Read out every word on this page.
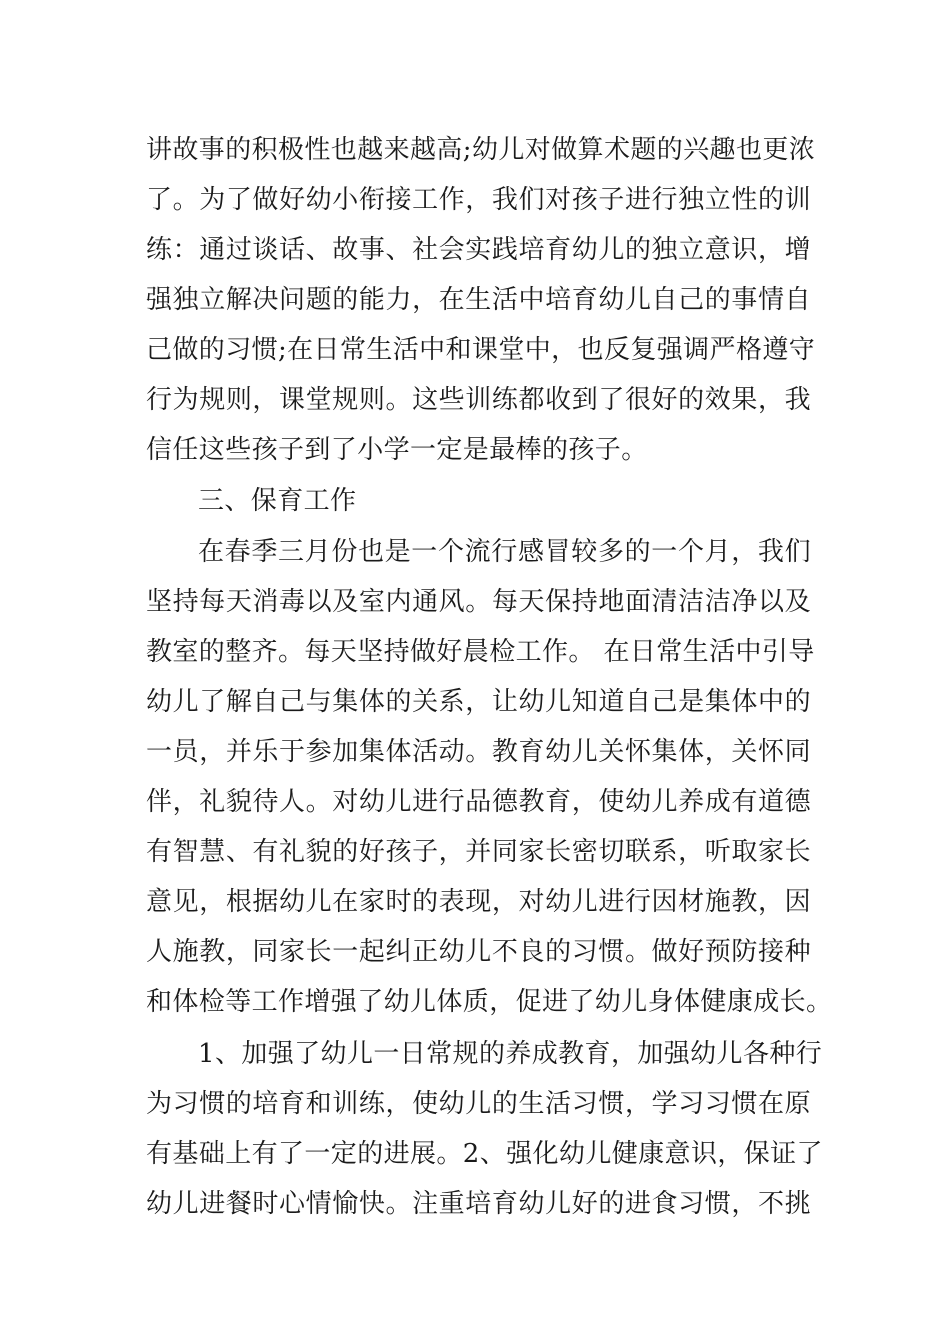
讲故事的积极性也越来越高;幼儿对做算术题的兴趣也更浓
了。为了做好幼小衔接工作，我们对孩子进行独立性的训
练：通过谈话、故事、社会实践培育幼儿的独立意识，增
强独立解决问题的能力，在生活中培育幼儿自己的事情自
己做的习惯;在日常生活中和课堂中，也反复强调严格遵守
行为规则，课堂规则。这些训练都收到了很好的效果，我
信任这些孩子到了小学一定是最棒的孩子。
三、保育工作
在春季三月份也是一个流行感冒较多的一个月，我们
坚持每天消毒以及室内通风。每天保持地面清洁洁净以及
教室的整齐。每天坚持做好晨检工作。 在日常生活中引导
幼儿了解自己与集体的关系，让幼儿知道自己是集体中的
一员，并乐于参加集体活动。教育幼儿关怀集体，关怀同
伴，礼貌待人。对幼儿进行品德教育，使幼儿养成有道德
有智慧、有礼貌的好孩子，并同家长密切联系，听取家长
意见，根据幼儿在家时的表现，对幼儿进行因材施教，因
人施教，同家长一起纠正幼儿不良的习惯。做好预防接种
和体检等工作增强了幼儿体质，促进了幼儿身体健康成长。
1、加强了幼儿一日常规的养成教育，加强幼儿各种行
为习惯的培育和训练，使幼儿的生活习惯，学习习惯在原
有基础上有了一定的进展。2、强化幼儿健康意识，保证了
幼儿进餐时心情愉快。注重培育幼儿好的进食习惯，不挑
